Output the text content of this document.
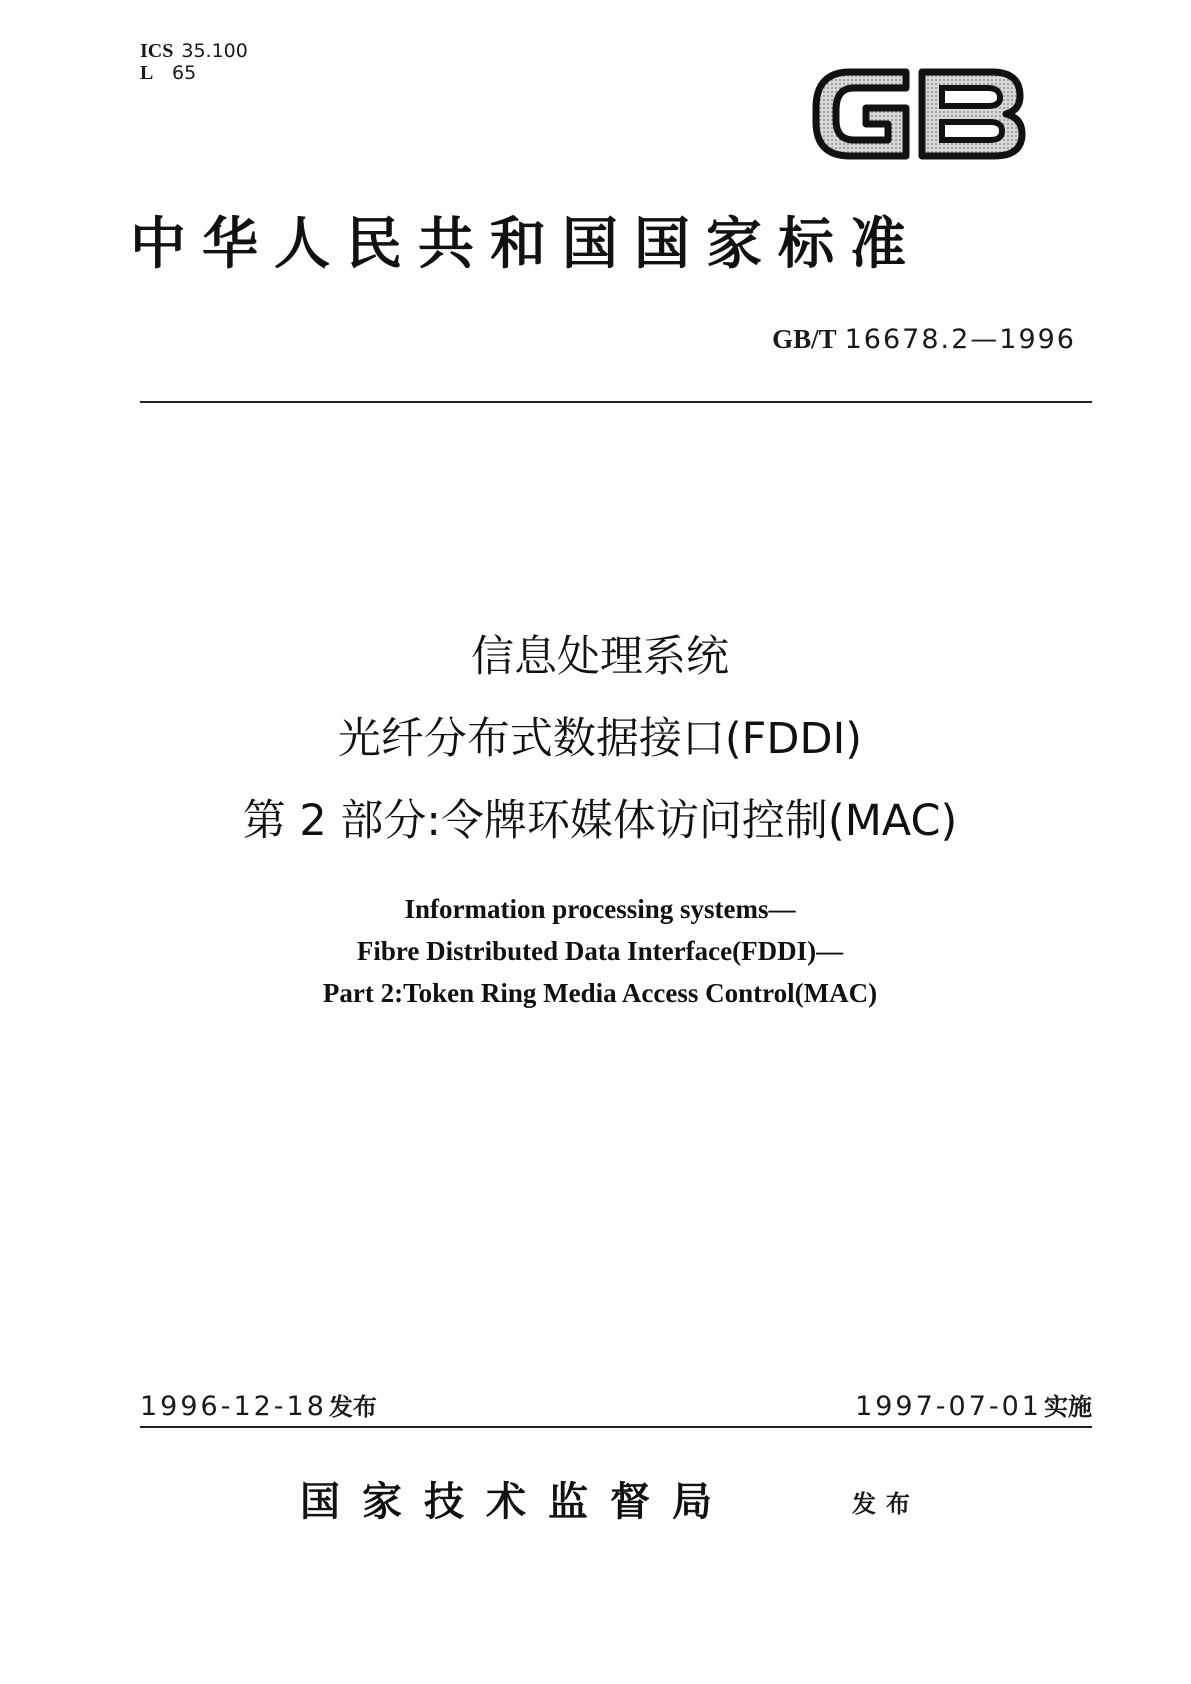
ICS 35.100
L 65
中华人民共和国国家标准
GB/T 16678.2—1996
信息处理系统
光纤分布式数据接口(FDDI)
第 2 部分:令牌环媒体访问控制(MAC)
Information processing systems—
Fibre Distributed Data Interface(FDDI)—
Part 2:Token Ring Media Access Control(MAC)
1996-12-18发布	1997-07-01实施
国家技术监督局	发布
